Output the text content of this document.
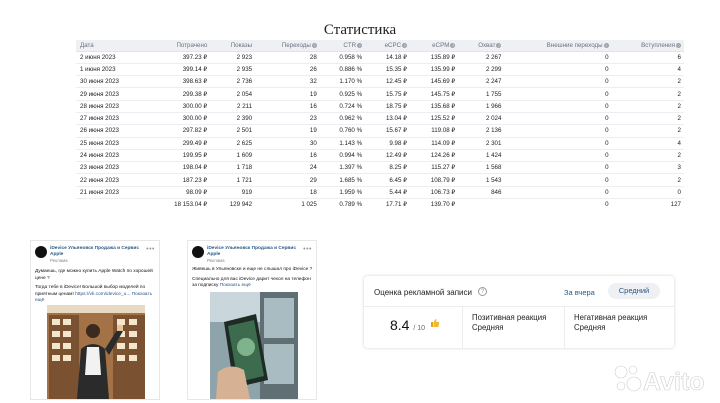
Статистика
Дата	Потрачено	Показы	Переходы ?	CTR ?	eCPC ?	eCPM ?	Охват ?	Внешние переходы ?	Вступления ?
2 июня 2023	397.23 ₽	2 923	28	0.958 %	14.18 ₽	135.89 ₽	2 267	0	6
1 июня 2023	399.14 ₽	2 935	26	0.886 %	15.35 ₽	135.99 ₽	2 299	0	4
30 июня 2023	398.63 ₽	2 736	32	1.170 %	12.45 ₽	145.69 ₽	2 247	0	2
29 июня 2023	299.38 ₽	2 054	19	0.925 %	15.75 ₽	145.75 ₽	1 755	0	2
28 июня 2023	300.00 ₽	2 211	16	0.724 %	18.75 ₽	135.68 ₽	1 966	0	2
27 июня 2023	300.00 ₽	2 390	23	0.962 %	13.04 ₽	125.52 ₽	2 024	0	2
26 июня 2023	297.82 ₽	2 501	19	0.760 %	15.67 ₽	119.08 ₽	2 136	0	2
25 июня 2023	299.49 ₽	2 625	30	1.143 %	9.98 ₽	114.09 ₽	2 301	0	4
24 июня 2023	199.95 ₽	1 609	16	0.994 %	12.49 ₽	124.26 ₽	1 424	0	2
23 июня 2023	198.04 ₽	1 718	24	1.397 %	8.25 ₽	115.27 ₽	1 568	0	3
22 июня 2023	187.23 ₽	1 721	29	1.685 %	6.45 ₽	108.79 ₽	1 543	0	2
21 июня 2023	98.09 ₽	919	18	1.959 %	5.44 ₽	106.73 ₽	846	0	0
	18 153.04 ₽	129 942	1 025	0.789 %	17.71 ₽	139.70 ₽		0	127
iDevice Ульяновск Продажа и Сервис Apple
Реклама
•••

Думаешь, где можно купить Apple Watch по хорошей цене ?

Тогда тебе в iDevice! Большой выбор моделей по приятным ценам! https://vk.com/idevice_u... Показать ещё

iDevice Ульяновск Продажа и Сервис Apple
Реклама
•••

Живешь в Ульяновске и еще не слышал про iDevice ?

Специально для вас iDevice дарит чехол на телефон за подписку Показать ещё

Оценка рекламной записи	?	За вчера	Средний
8.4 / 10
Позитивная реакция
Средняя
Негативная реакция
Средняя
Avito
